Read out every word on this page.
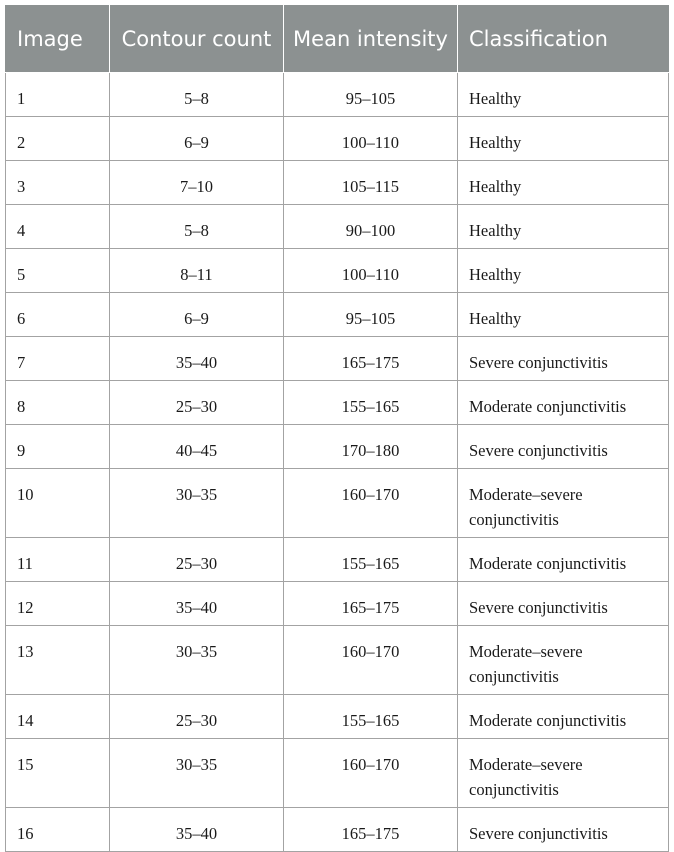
Image	Contour count	Mean intensity	Classification
1	5–8	95–105	Healthy
2	6–9	100–110	Healthy
3	7–10	105–115	Healthy
4	5–8	90–100	Healthy
5	8–11	100–110	Healthy
6	6–9	95–105	Healthy
7	35–40	165–175	Severe conjunctivitis
8	25–30	155–165	Moderate conjunctivitis
9	40–45	170–180	Severe conjunctivitis
10	30–35	160–170	Moderate–severe conjunctivitis
11	25–30	155–165	Moderate conjunctivitis
12	35–40	165–175	Severe conjunctivitis
13	30–35	160–170	Moderate–severe conjunctivitis
14	25–30	155–165	Moderate conjunctivitis
15	30–35	160–170	Moderate–severe conjunctivitis
16	35–40	165–175	Severe conjunctivitis
